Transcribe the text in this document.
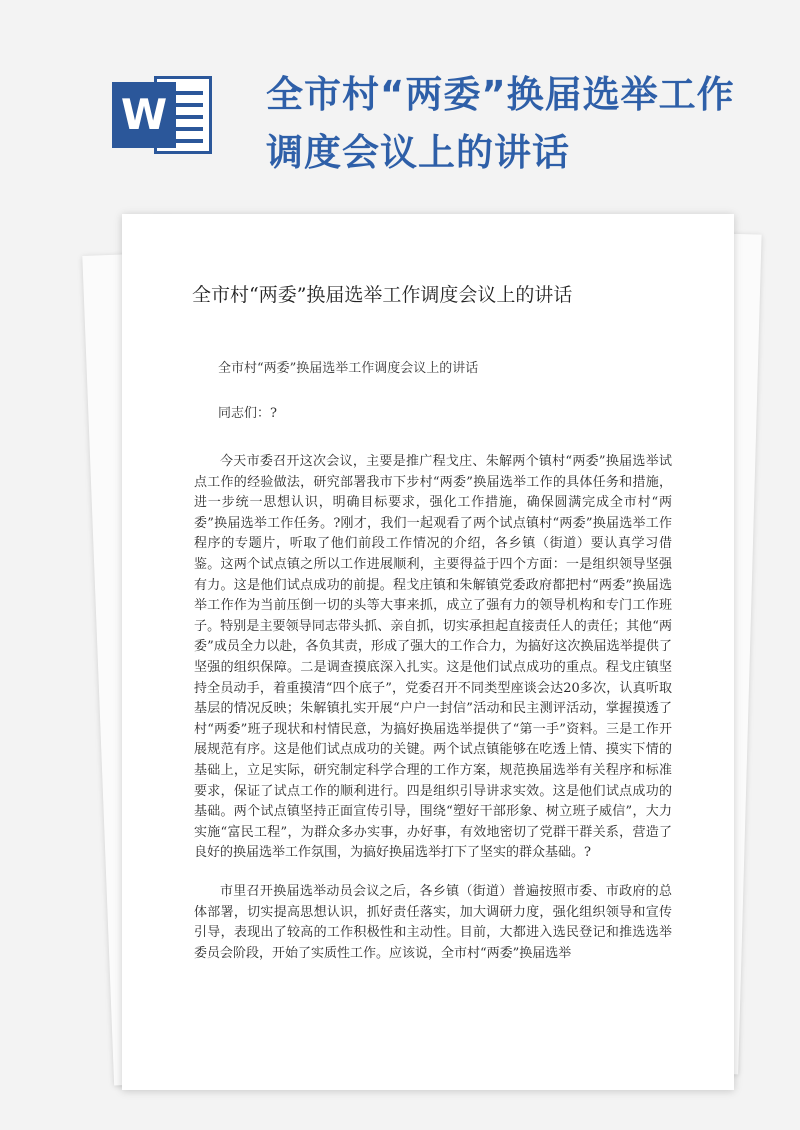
W	全市村“两委”换届选举工作调度会议上的讲话
全市村“两委”换届选举工作调度会议上的讲话

全市村“两委”换届选举工作调度会议上的讲话

同志们：?

今天市委召开这次会议，主要是推广程戈庄、朱解两个镇村“两委”换届选举试点工作的经验做法，研究部署我市下步村“两委”换届选举工作的具体任务和措施，进一步统一思想认识，明确目标要求，强化工作措施，确保圆满完成全市村“两委”换届选举工作任务。?刚才，我们一起观看了两个试点镇村“两委”换届选举工作程序的专题片，听取了他们前段工作情况的介绍，各乡镇（街道）要认真学习借鉴。这两个试点镇之所以工作进展顺利，主要得益于四个方面：一是组织领导坚强有力。这是他们试点成功的前提。程戈庄镇和朱解镇党委政府都把村“两委”换届选举工作作为当前压倒一切的头等大事来抓，成立了强有力的领导机构和专门工作班子。特别是主要领导同志带头抓、亲自抓，切实承担起直接责任人的责任；其他“两委”成员全力以赴，各负其责，形成了强大的工作合力，为搞好这次换届选举提供了坚强的组织保障。二是调查摸底深入扎实。这是他们试点成功的重点。程戈庄镇坚持全员动手，着重摸清“四个底子”，党委召开不同类型座谈会达20多次，认真听取基层的情况反映；朱解镇扎实开展“户户一封信”活动和民主测评活动，掌握摸透了村“两委”班子现状和村情民意，为搞好换届选举提供了“第一手”资料。三是工作开展规范有序。这是他们试点成功的关键。两个试点镇能够在吃透上情、摸实下情的基础上，立足实际，研究制定科学合理的工作方案，规范换届选举有关程序和标准要求，保证了试点工作的顺利进行。四是组织引导讲求实效。这是他们试点成功的基础。两个试点镇坚持正面宣传引导，围绕“塑好干部形象、树立班子威信”，大力实施“富民工程”，为群众多办实事，办好事，有效地密切了党群干群关系，营造了良好的换届选举工作氛围，为搞好换届选举打下了坚实的群众基础。?

市里召开换届选举动员会议之后，各乡镇（街道）普遍按照市委、市政府的总体部署，切实提高思想认识，抓好责任落实，加大调研力度，强化组织领导和宣传引导，表现出了较高的工作积极性和主动性。目前，大都进入选民登记和推选选举委员会阶段，开始了实质性工作。应该说，全市村“两委”换届选举
